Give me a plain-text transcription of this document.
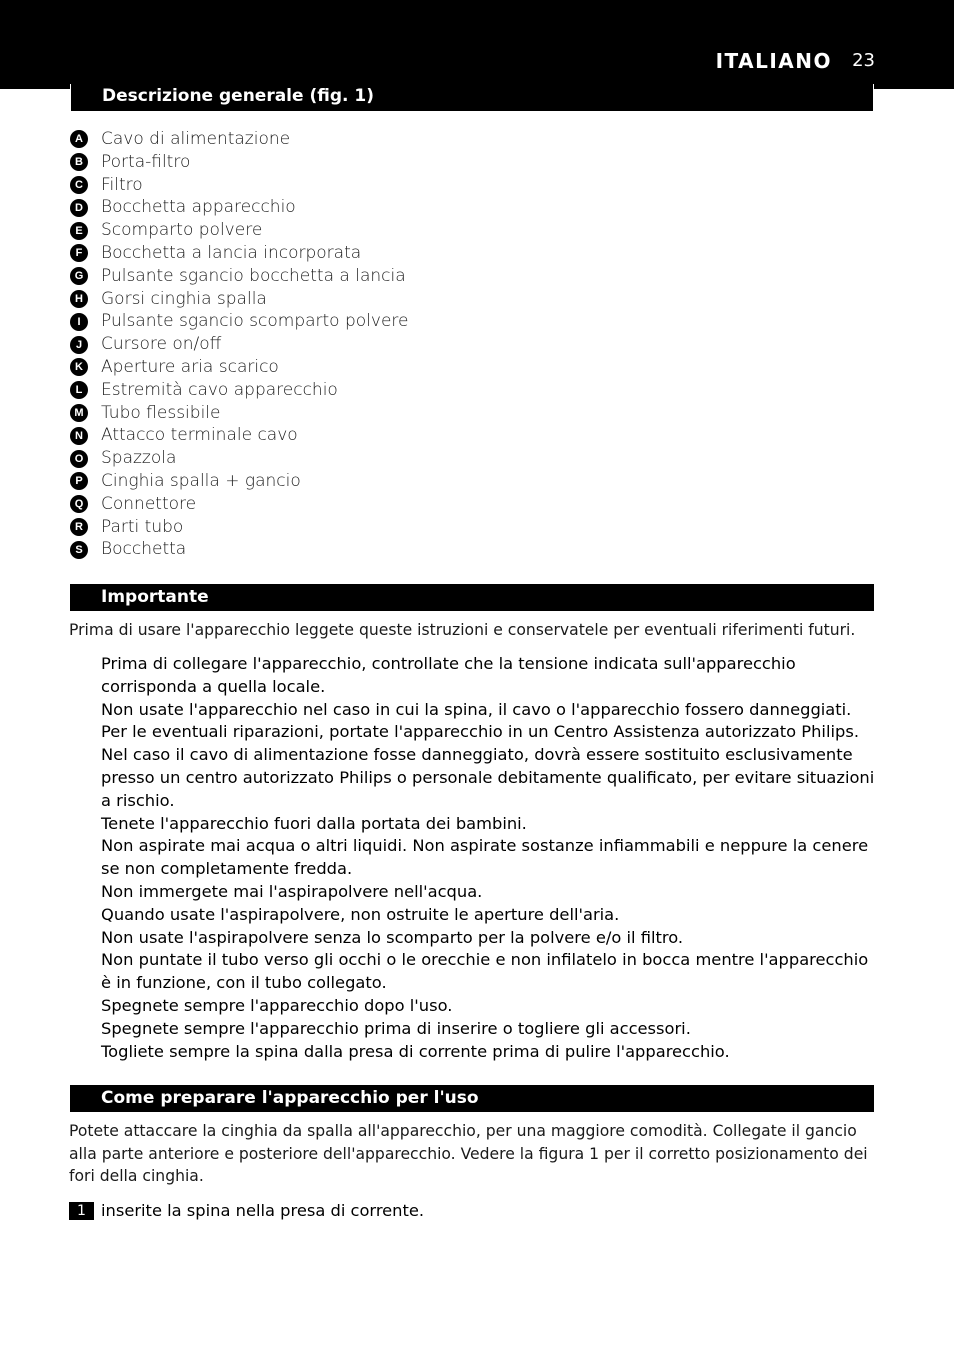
ITALIANO 23
Descrizione generale (fig. 1)
A Cavo di alimentazione
B Porta-filtro
C Filtro
D Bocchetta apparecchio
E	Scomparto polvere
F	Bocchetta a lancia incorporata
G Pulsante sgancio bocchetta a lancia
H Gorsi cinghia spalla
I	Pulsante sgancio scomparto polvere
J	Cursore on/off
K Aperture aria scarico
L	Estremità cavo apparecchio
M Tubo flessibile
N Attacco terminale cavo
O Spazzola
P	Cinghia spalla + gancio
Q Connettore
R Parti tubo
S	Bocchetta
Importante
Prima di usare l'apparecchio leggete queste istruzioni e conservatele per eventuali riferimenti futuri.
Prima di collegare l'apparecchio, controllate che la tensione indicata sull'apparecchio corrisponda a quella locale.
Non usate l'apparecchio nel caso in cui la spina, il cavo o l'apparecchio fossero danneggiati. Per le eventuali riparazioni, portate l'apparecchio in un Centro Assistenza autorizzato Philips.
Nel caso il cavo di alimentazione fosse danneggiato, dovrà essere sostituito esclusivamente presso un centro autorizzato Philips o personale debitamente qualificato, per evitare situazioni a rischio.
Tenete l'apparecchio fuori dalla portata dei bambini.
Non aspirate mai acqua o altri liquidi. Non aspirate sostanze infiammabili e neppure la cenere se non completamente fredda.
Non immergete mai l'aspirapolvere nell'acqua.
Quando usate l'aspirapolvere, non ostruite le aperture dell'aria.
Non usate l'aspirapolvere senza lo scomparto per la polvere e/o il filtro.
Non puntate il tubo verso gli occhi o le orecchie e non infilatelo in bocca mentre l'apparecchio è in funzione, con il tubo collegato.
Spegnete sempre l'apparecchio dopo l'uso.
Spegnete sempre l'apparecchio prima di inserire o togliere gli accessori.
Togliete sempre la spina dalla presa di corrente prima di pulire l'apparecchio.
Come preparare l'apparecchio per l'uso
Potete attaccare la cinghia da spalla all'apparecchio, per una maggiore comodità. Collegate il gancio alla parte anteriore e posteriore dell'apparecchio. Vedere la figura 1 per il corretto posizionamento dei fori della cinghia.
1 inserite la spina nella presa di corrente.
